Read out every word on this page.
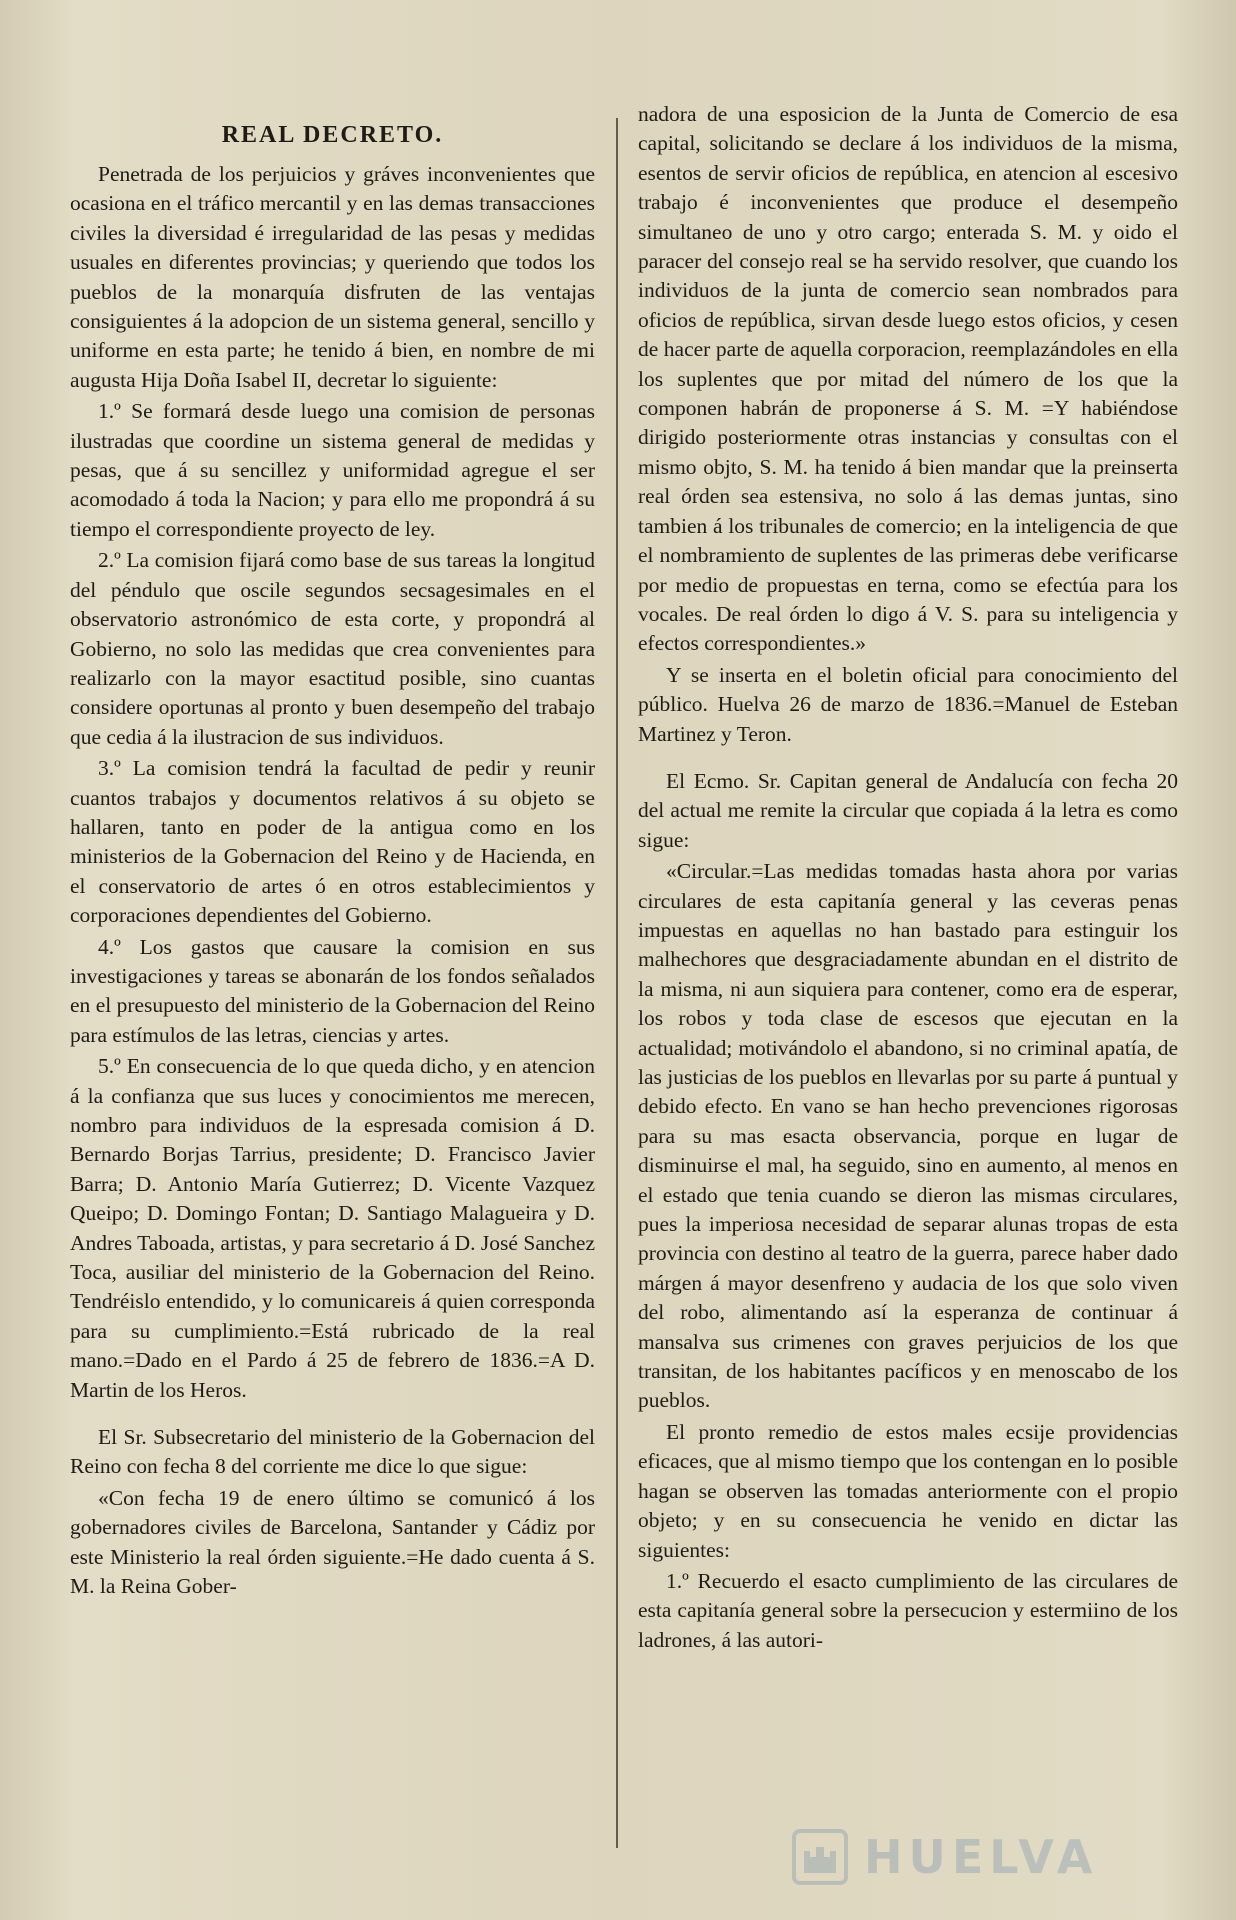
REAL DECRETO.

Penetrada de los perjuicios y gráves inconvenientes que ocasiona en el tráfico mercantil y en las demas transacciones civiles la diversidad é irregularidad de las pesas y medidas usuales en diferentes provincias; y queriendo que todos los pueblos de la monarquía disfruten de las ventajas consiguientes á la adopcion de un sistema general, sencillo y uniforme en esta parte; he tenido á bien, en nombre de mi augusta Hija Doña Isabel II, decretar lo siguiente:

1.º Se formará desde luego una comision de personas ilustradas que coordine un sistema general de medidas y pesas, que á su sencillez y uniformidad agregue el ser acomodado á toda la Nacion; y para ello me propondrá á su tiempo el correspondiente proyecto de ley.

2.º La comision fijará como base de sus tareas la longitud del péndulo que oscile segundos secsagesimales en el observatorio astronómico de esta corte, y propondrá al Gobierno, no solo las medidas que crea convenientes para realizarlo con la mayor esactitud posible, sino cuantas considere oportunas al pronto y buen desempeño del trabajo que cedia á la ilustracion de sus individuos.

3.º La comision tendrá la facultad de pedir y reunir cuantos trabajos y documentos relativos á su objeto se hallaren, tanto en poder de la antigua como en los ministerios de la Gobernacion del Reino y de Hacienda, en el conservatorio de artes ó en otros establecimientos y corporaciones dependientes del Gobierno.

4.º Los gastos que causare la comision en sus investigaciones y tareas se abonarán de los fondos señalados en el presupuesto del ministerio de la Gobernacion del Reino para estímulos de las letras, ciencias y artes.

5.º En consecuencia de lo que queda dicho, y en atencion á la confianza que sus luces y conocimientos me merecen, nombro para individuos de la espresada comision á D. Bernardo Borjas Tarrius, presidente; D. Francisco Javier Barra; D. Antonio María Gutierrez; D. Vicente Vazquez Queipo; D. Domingo Fontan; D. Santiago Malagueira y D. Andres Taboada, artistas, y para secretario á D. José Sanchez Toca, ausiliar del ministerio de la Gobernacion del Reino. Tendréislo entendido, y lo comunicareis á quien corresponda para su cumplimiento.=Está rubricado de la real mano.=Dado en el Pardo á 25 de febrero de 1836.=A D. Martin de los Heros.

El Sr. Subsecretario del ministerio de la Gobernacion del Reino con fecha 8 del corriente me dice lo que sigue:

«Con fecha 19 de enero último se comunicó á los gobernadores civiles de Barcelona, Santander y Cádiz por este Ministerio la real órden siguiente.=He dado cuenta á S. M. la Reina Gober-

nadora de una esposicion de la Junta de Comercio de esa capital, solicitando se declare á los individuos de la misma, esentos de servir oficios de república, en atencion al escesivo trabajo é inconvenientes que produce el desempeño simultaneo de uno y otro cargo; enterada S. M. y oido el paracer del consejo real se ha servido resolver, que cuando los individuos de la junta de comercio sean nombrados para oficios de república, sirvan desde luego estos oficios, y cesen de hacer parte de aquella corporacion, reemplazándoles en ella los suplentes que por mitad del número de los que la componen habrán de proponerse á S. M. =Y habiéndose dirigido posteriormente otras instancias y consultas con el mismo objto, S. M. ha tenido á bien mandar que la preinserta real órden sea estensiva, no solo á las demas juntas, sino tambien á los tribunales de comercio; en la inteligencia de que el nombramiento de suplentes de las primeras debe verificarse por medio de propuestas en terna, como se efectúa para los vocales. De real órden lo digo á V. S. para su inteligencia y efectos correspondientes.»

Y se inserta en el boletin oficial para conocimiento del público. Huelva 26 de marzo de 1836.=Manuel de Esteban Martinez y Teron.

El Ecmo. Sr. Capitan general de Andalucía con fecha 20 del actual me remite la circular que copiada á la letra es como sigue:

«Circular.=Las medidas tomadas hasta ahora por varias circulares de esta capitanía general y las ceveras penas impuestas en aquellas no han bastado para estinguir los malhechores que desgraciadamente abundan en el distrito de la misma, ni aun siquiera para contener, como era de esperar, los robos y toda clase de escesos que ejecutan en la actualidad; motivándolo el abandono, si no criminal apatía, de las justicias de los pueblos en llevarlas por su parte á puntual y debido efecto. En vano se han hecho prevenciones rigorosas para su mas esacta observancia, porque en lugar de disminuirse el mal, ha seguido, sino en aumento, al menos en el estado que tenia cuando se dieron las mismas circulares, pues la imperiosa necesidad de separar alunas tropas de esta provincia con destino al teatro de la guerra, parece haber dado márgen á mayor desenfreno y audacia de los que solo viven del robo, alimentando así la esperanza de continuar á mansalva sus crimenes con graves perjuicios de los que transitan, de los habitantes pacíficos y en menoscabo de los pueblos.

El pronto remedio de estos males ecsije providencias eficaces, que al mismo tiempo que los contengan en lo posible hagan se observen las tomadas anteriormente con el propio objeto; y en su consecuencia he venido en dictar las siguientes:

1.º Recuerdo el esacto cumplimiento de las circulares de esta capitanía general sobre la persecucion y estermiino de los ladrones, á las autori-

HUELVA
